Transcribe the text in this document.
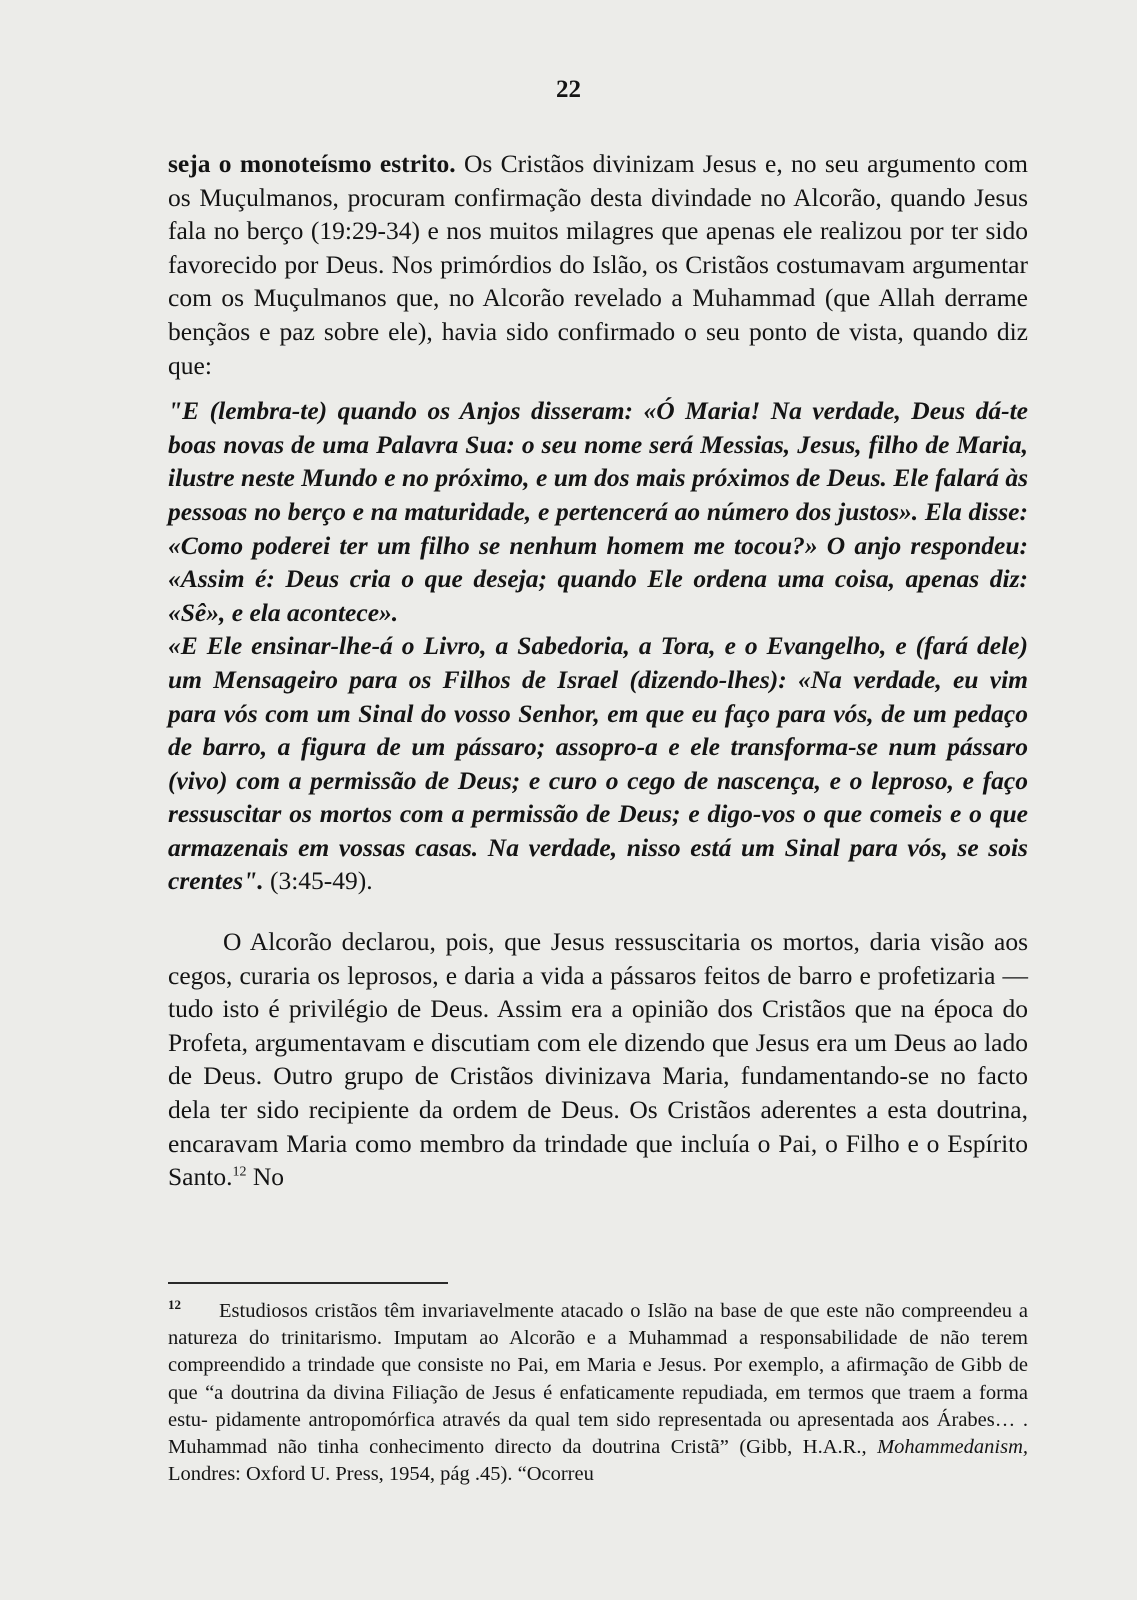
22

seja o monoteísmo estrito. Os Cristãos divinizam Jesus e, no seu argumento com os Muçulmanos, procuram confirmação desta divindade no Alcorão, quando Jesus fala no berço (19:29-34) e nos muitos milagres que apenas ele realizou por ter sido favorecido por Deus. Nos primórdios do Islão, os Cristãos costumavam argumentar com os Muçulmanos que, no Alcorão revelado a Muhammad (que Allah derrame bençãos e paz sobre ele), havia sido confirmado o seu ponto de vista, quando diz que:

"E (lembra-te) quando os Anjos disseram: «Ó Maria! Na verdade, Deus dá-te boas novas de uma Palavra Sua: o seu nome será Messias, Jesus, filho de Maria, ilustre neste Mundo e no próximo, e um dos mais próximos de Deus. Ele falará às pessoas no berço e na maturidade, e pertencerá ao número dos justos». Ela disse: «Como poderei ter um filho se nenhum homem me tocou?» O anjo respondeu: «Assim é: Deus cria o que deseja; quando Ele ordena uma coisa, apenas diz: «Sê», e ela acontece».

«E Ele ensinar-lhe-á o Livro, a Sabedoria, a Tora, e o Evangelho, e (fará dele) um Mensageiro para os Filhos de Israel (dizendo-lhes): «Na verdade, eu vim para vós com um Sinal do vosso Senhor, em que eu faço para vós, de um pedaço de barro, a figura de um pássaro; assopro-a e ele transforma-se num pássaro (vivo) com a permissão de Deus; e curo o cego de nascença, e o leproso, e faço ressuscitar os mortos com a permissão de Deus; e digo-vos o que comeis e o que armazenais em vossas casas. Na verdade, nisso está um Sinal para vós, se sois crentes". (3:45-49).

O Alcorão declarou, pois, que Jesus ressuscitaria os mortos, daria visão aos cegos, curaria os leprosos, e daria a vida a pássaros feitos de barro e profetizaria — tudo isto é privilégio de Deus. Assim era a opinião dos Cristãos que na época do Profeta, argumentavam e discutiam com ele dizendo que Jesus era um Deus ao lado de Deus. Outro grupo de Cristãos divinizava Maria, fundamentando-se no facto dela ter sido recipiente da ordem de Deus. Os Cristãos aderentes a esta doutrina, encaravam Maria como membro da trindade que incluía o Pai, o Filho e o Espírito Santo.$^{12}$ No

$^{12}$ Estudiosos cristãos têm invariavelmente atacado o Islão na base de que este não compreendeu a natureza do trinitarismo. Imputam ao Alcorão e a Muhammad a responsabilidade de não terem compreendido a trindade que consiste no Pai, em Maria e Jesus. Por exemplo, a afirmação de Gibb de que “a doutrina da divina Filiação de Jesus é enfaticamente repudiada, em termos que traem a forma estu- pidamente antropomórfica através da qual tem sido representada ou apresentada aos Árabes… . Muhammad não tinha conhecimento directo da doutrina Cristã” (Gibb, H.A.R., Mohammedanism, Londres: Oxford U. Press, 1954, pág .45). “Ocorreu
